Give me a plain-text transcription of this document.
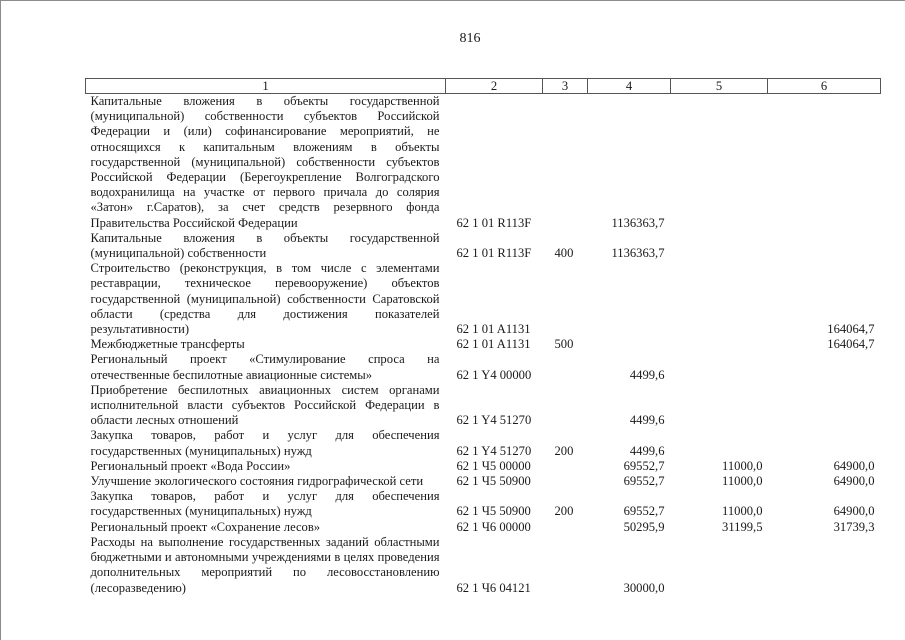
816
1	2	3	4	5	6
Капитальные вложения в объекты государственной (муниципальной) собственности субъектов Российской Федерации и (или) софинансирование мероприятий, не относящихся к капитальным вложениям в объекты государственной (муниципальной) собственности субъектов Российской Федерации (Берегоукрепление Волгоградского водохранилища на участке от первого причала до солярия «Затон» г.Саратов), за счет средств резервного фонда Правительства Российской Федерации	62 1 01 R113F		1136363,7		
Капитальные вложения в объекты государственной (муниципальной) собственности	62 1 01 R113F	400	1136363,7		
Строительство (реконструкция, в том числе с элементами реставрации, техническое перевооружение) объектов государственной (муниципальной) собственности Саратовской области (средства для достижения показателей результативности)	62 1 01 A1131				164064,7
Межбюджетные трансферты	62 1 01 A1131	500			164064,7
Региональный проект «Стимулирование спроса на отечественные беспилотные авиационные системы»	62 1 Y4 00000		4499,6		
Приобретение беспилотных авиационных систем органами исполнительной власти субъектов Российской Федерации в области лесных отношений	62 1 Y4 51270		4499,6		
Закупка товаров, работ и услуг для обеспечения государственных (муниципальных) нужд	62 1 Y4 51270	200	4499,6		
Региональный проект «Вода России»	62 1 Ч5 00000		69552,7	11000,0	64900,0
Улучшение экологического состояния гидрографической сети	62 1 Ч5 50900		69552,7	11000,0	64900,0
Закупка товаров, работ и услуг для обеспечения государственных (муниципальных) нужд	62 1 Ч5 50900	200	69552,7	11000,0	64900,0
Региональный проект «Сохранение лесов»	62 1 Ч6 00000		50295,9	31199,5	31739,3
Расходы на выполнение государственных заданий областными бюджетными и автономными учреждениями в целях проведения дополнительных мероприятий по лесовосстановлению (лесоразведению)	62 1 Ч6 04121		30000,0		
